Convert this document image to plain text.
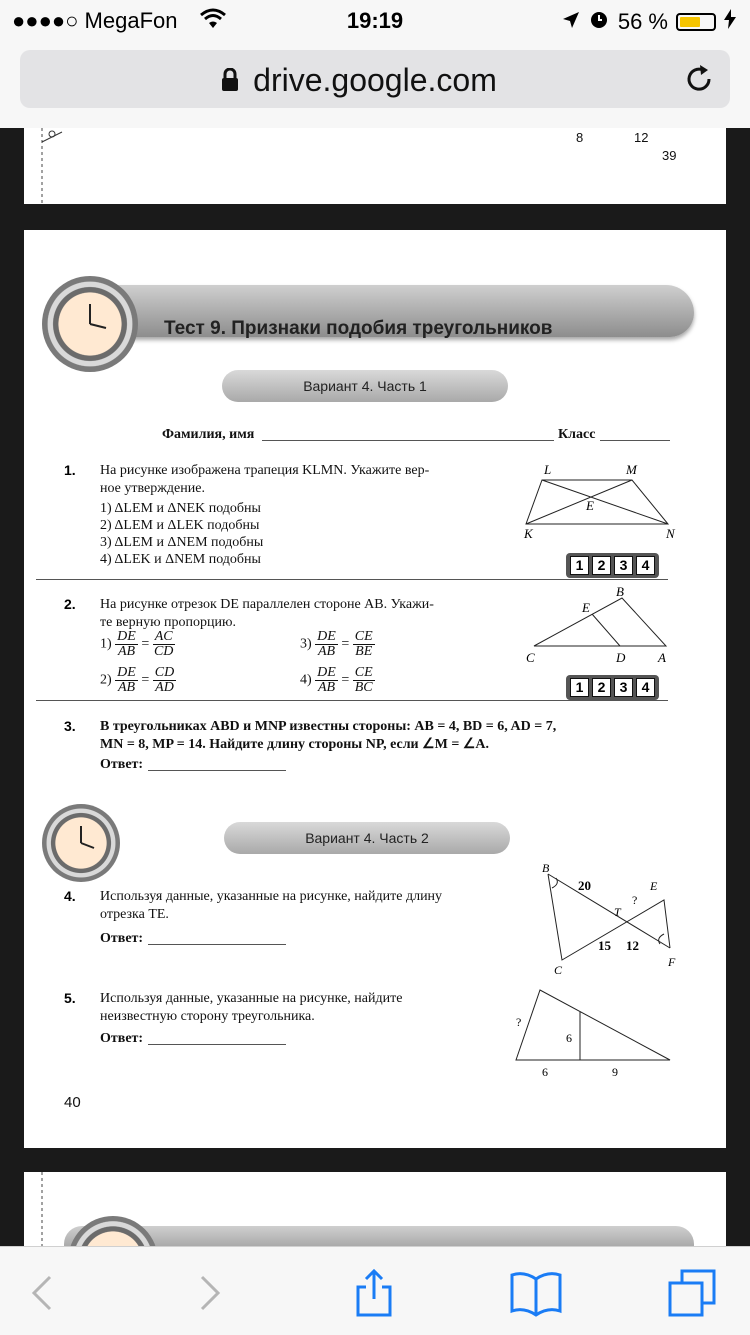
●●●●○ MegaFon	19:19	56 %
drive.google.com
8	12
39
Тест 9. Признаки подобия треугольников
Вариант 4. Часть 1
Фамилия, имя	Класс
1. На рисунке изображена трапеция KLMN. Укажите вер-
ное утверждение.
1) ΔLEM и ΔNEK подобны
2) ΔLEM и ΔLEK подобны
3) ΔLEM и ΔNEM подобны
4) ΔLEK и ΔNEM подобны
L	M
E
K	N
1	2	3	4
2. На рисунке отрезок DE параллелен стороне AB. Укажи-
те верную пропорцию.
$1) \frac{DE}{AB} = \frac{AC}{CD}$
$2) \frac{DE}{AB} = \frac{CD}{AD}$
$3) \frac{DE}{AB} = \frac{CE}{BE}$
$4) \frac{DE}{AB} = \frac{CE}{BC}$
B
E
C	D	A
1	2	3	4
3. В треугольниках ABD и MNP известны стороны: AB = 4, BD = 6, AD = 7,
MN = 8, MP = 14. Найдите длину стороны NP, если ∠M = ∠A.
Ответ:
Вариант 4. Часть 2
4. Используя данные, указанные на рисунке, найдите длину
отрезка TE.
Ответ:
B
20	E
?
T
15 12
C
F
5. Используя данные, указанные на рисунке, найдите
неизвестную сторону треугольника.
Ответ:
?
6
6	9
40
